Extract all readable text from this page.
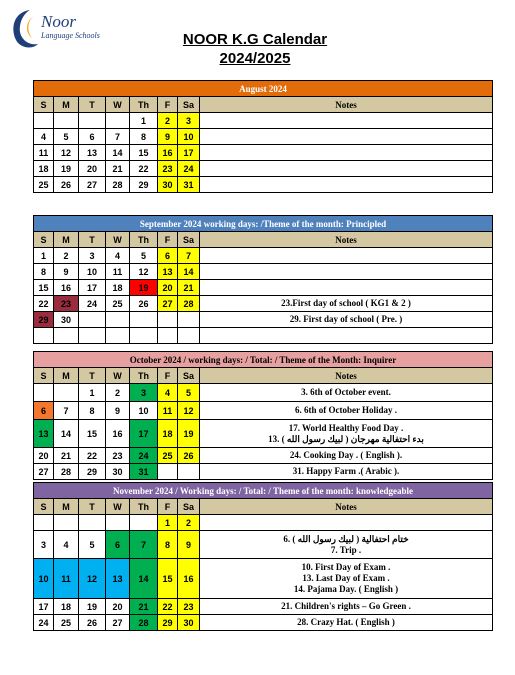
Noor
Language Schools	NOOR K.G Calendar
2024/2025
August 2024							
S	M	T	W	Th	F	Sa	Notes
				1	2	3	
4	5	6	7	8	9	10	
11	12	13	14	15	16	17	
18	19	20	21	22	23	24	
25	26	27	28	29	30	31	
September 2024 working days: /Theme of the month: Principled							
S	M	T	W	Th	F	Sa	Notes
1	2	3	4	5	6	7	
8	9	10	11	12	13	14	
15	16	17	18	19	20	21	
22	23	24	25	26	27	28	23.First day of school ( KG1 & 2 )
29	30						29. First day of school ( Pre. )

October 2024 / working days: / Total: / Theme of the Month: Inquirer							
S	M	T	W	Th	F	Sa	Notes
		1	2	3	4	5	3. 6th of October event.
6	7	8	9	10	11	12	6. 6th of October Holiday .
13	14	15	16	17	18	19	17. World Healthy Food Day .
13. بدء احتفالية مهرجان ( لبيك رسول الله )

20	21	22	23	24	25	26	24. Cooking Day . ( English ).
27	28	29	30	31			31. Happy Farm .( Arabic ).
November 2024 / Working days: / Total: / Theme of the month: knowledgeable							
S	M	T	W	Th	F	Sa	Notes
					1	2	
3	4	5	6	7	8	9	6. ختام احتفالية ( لبيك رسول الله )
7. Trip .

10	11	12	13	14	15	16	10. First Day of Exam .
13. Last Day of Exam .
14. Pajama Day. ( English )

17	18	19	20	21	22	23	21. Children's rights – Go Green .
24	25	26	27	28	29	30	28. Crazy Hat. ( English )
